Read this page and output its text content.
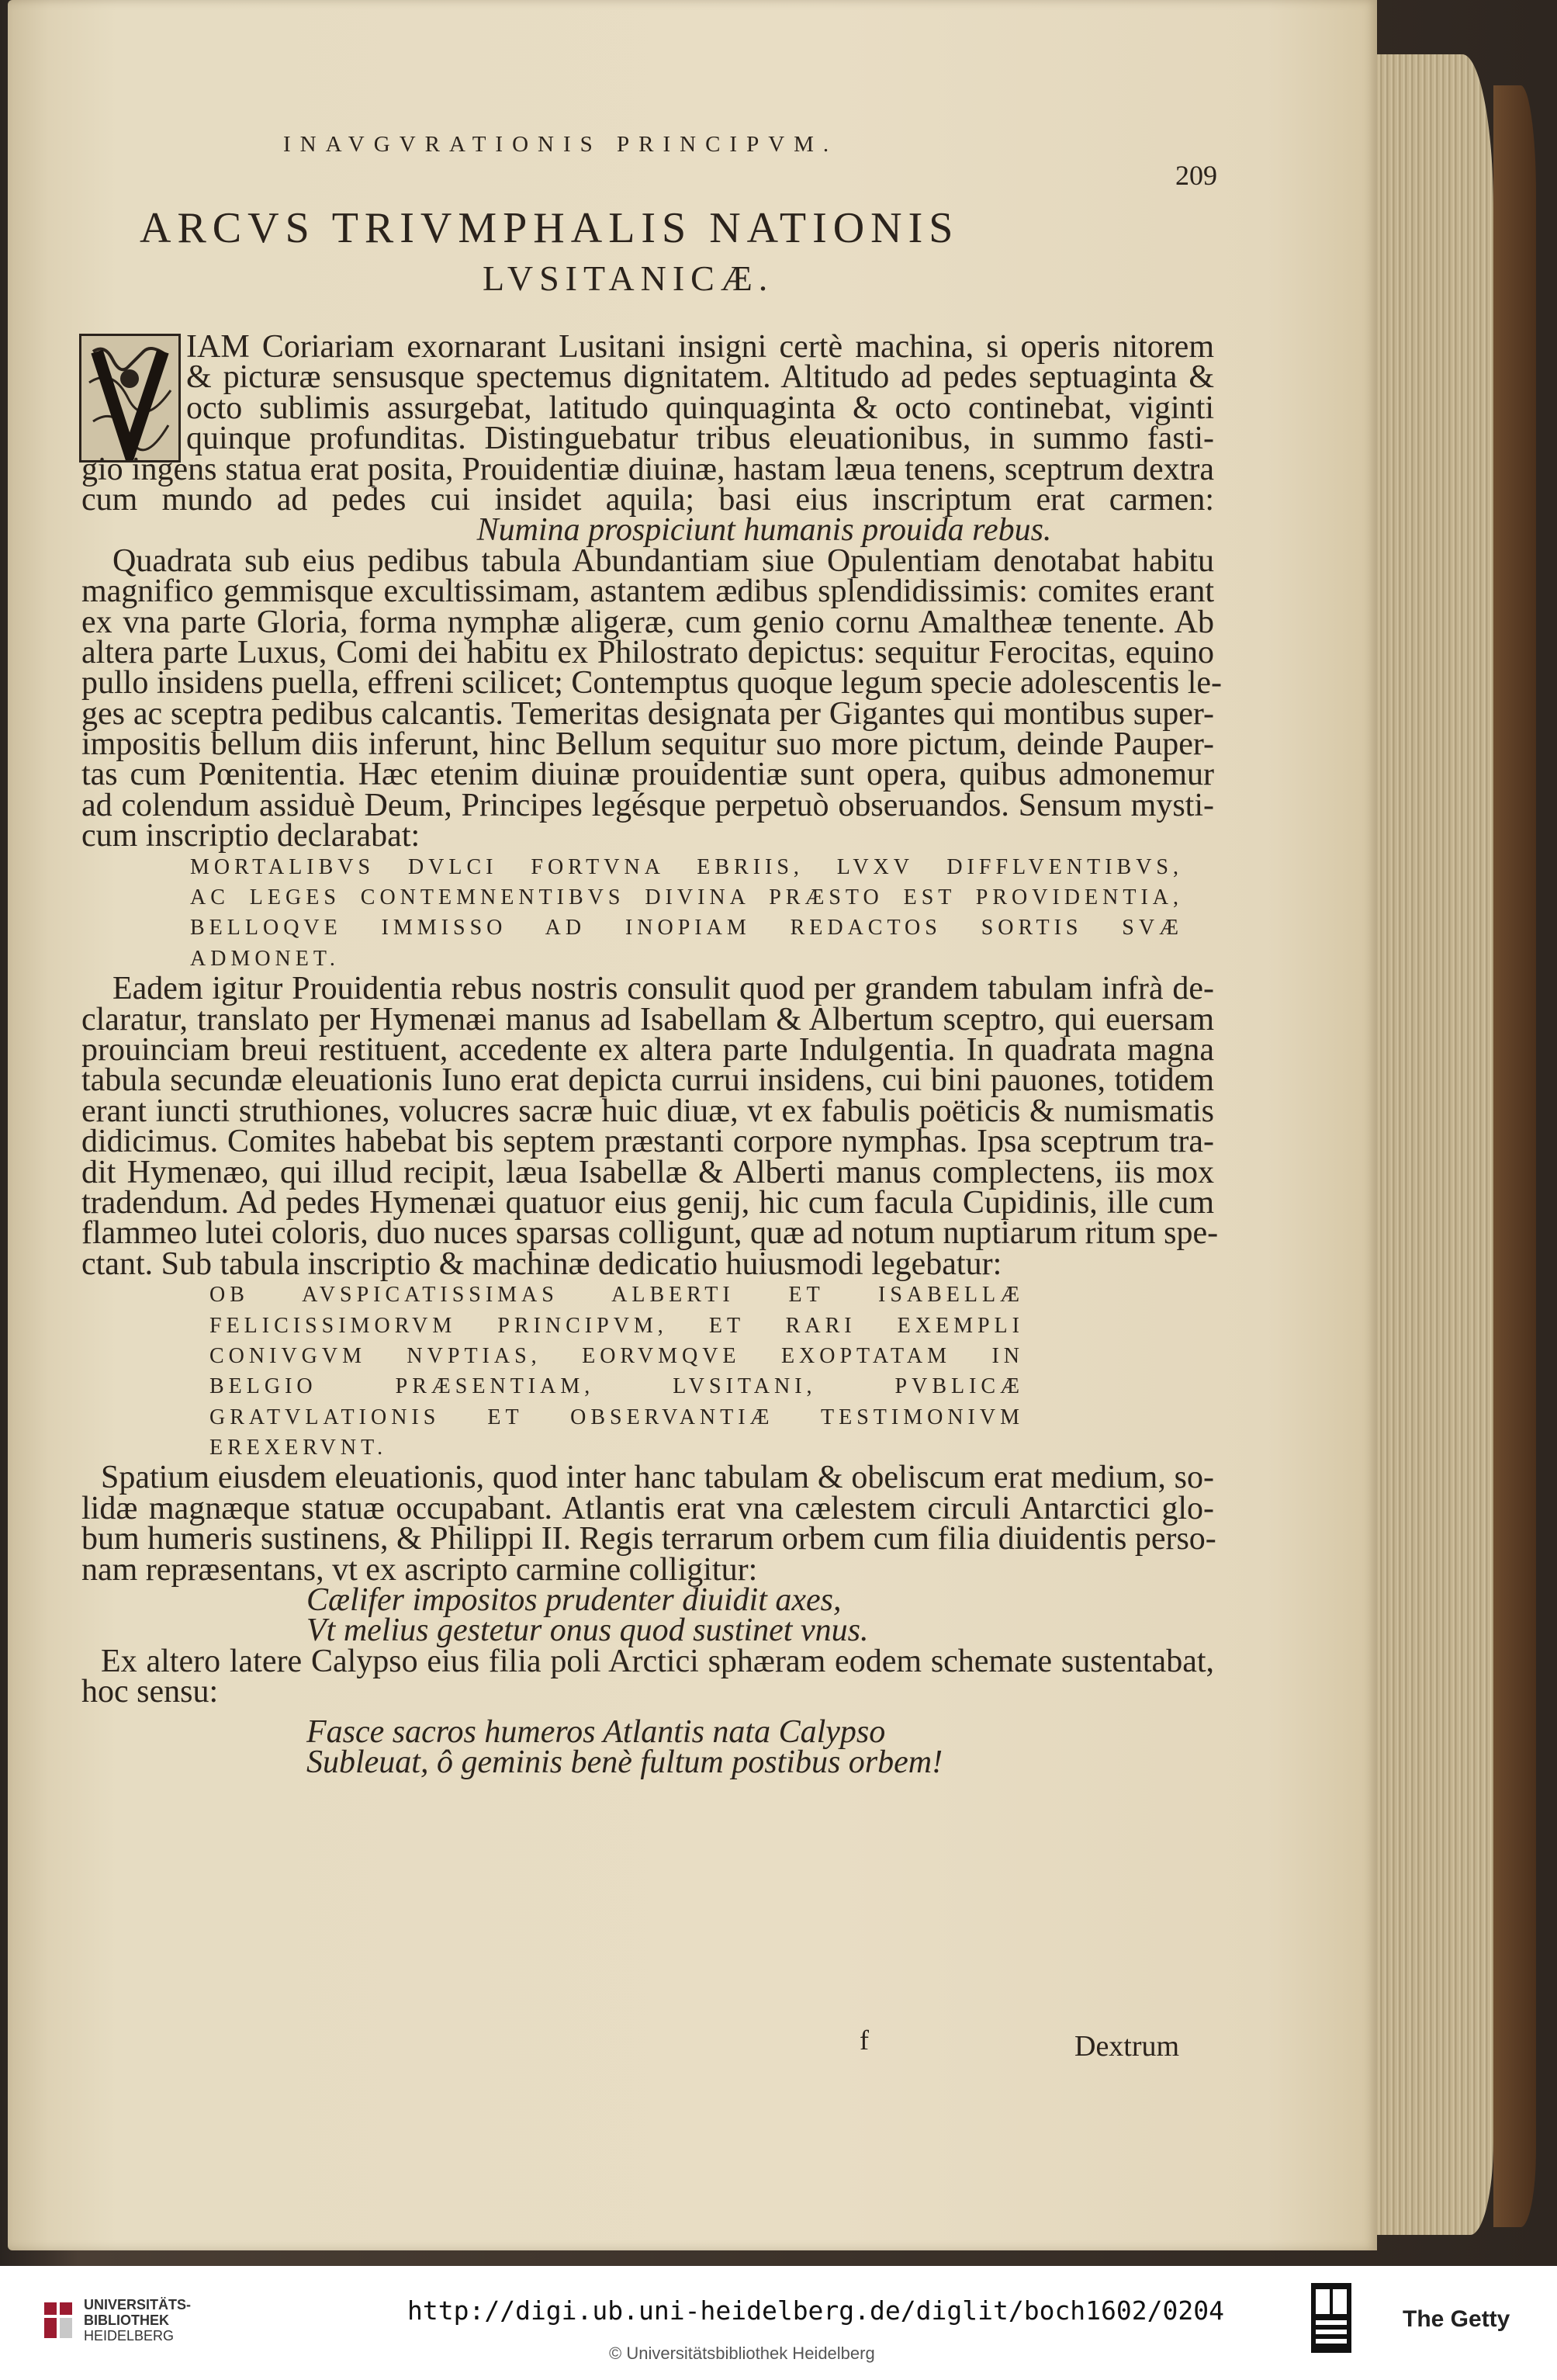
INAVGVRATIONIS PRINCIPVM.
209
ARCVS TRIVMPHALIS NATIONIS
LVSITANICÆ.
IAM Coriariam exornarant Lusitani insigni certè machina, si operis nitorem
& picturæ sensusque spectemus dignitatem. Altitudo ad pedes septuaginta &
octo sublimis assurgebat, latitudo quinquaginta & octo continebat, viginti
quinque profunditas. Distinguebatur tribus eleuationibus, in summo fasti-
gio ingens statua erat posita, Prouidentiæ diuinæ, hastam læua tenens, sceptrum dextra
cum mundo ad pedes cui insidet aquila; basi eius inscriptum erat carmen:
Numina prospiciunt humanis prouida rebus.
Quadrata sub eius pedibus tabula Abundantiam siue Opulentiam denotabat habitu
magnifico gemmisque excultissimam, astantem ædibus splendidissimis: comites erant
ex vna parte Gloria, forma nymphæ aligeræ, cum genio cornu Amaltheæ tenente. Ab
altera parte Luxus, Comi dei habitu ex Philostrato depictus: sequitur Ferocitas, equino
pullo insidens puella, effreni scilicet; Contemptus quoque legum specie adolescentis le-
ges ac sceptra pedibus calcantis. Temeritas designata per Gigantes qui montibus super-
impositis bellum diis inferunt, hinc Bellum sequitur suo more pictum, deinde Pauper-
tas cum Pœnitentia. Hæc etenim diuinæ prouidentiæ sunt opera, quibus admonemur
ad colendum assiduè Deum, Principes legésque perpetuò obseruandos. Sensum mysti-
cum inscriptio declarabat:
MORTALIBVS DVLCI FORTVNA EBRIIS, LVXV DIFFLVENTIBVS,
AC LEGES CONTEMNENTIBVS DIVINA PRÆSTO EST PROVIDENTIA,
BELLOQVE IMMISSO AD INOPIAM REDACTOS SORTIS SVÆ
ADMONET.
Eadem igitur Prouidentia rebus nostris consulit quod per grandem tabulam infrà de-
claratur, translato per Hymenæi manus ad Isabellam & Albertum sceptro, qui euersam
prouinciam breui restituent, accedente ex altera parte Indulgentia. In quadrata magna
tabula secundæ eleuationis Iuno erat depicta currui insidens, cui bini pauones, totidem
erant iuncti struthiones, volucres sacræ huic diuæ, vt ex fabulis poëticis & numismatis
didicimus. Comites habebat bis septem præstanti corpore nymphas. Ipsa sceptrum tra-
dit Hymenæo, qui illud recipit, læua Isabellæ & Alberti manus complectens, iis mox
tradendum. Ad pedes Hymenæi quatuor eius genij, hic cum facula Cupidinis, ille cum
flammeo lutei coloris, duo nuces sparsas colligunt, quæ ad notum nuptiarum ritum spe-
ctant. Sub tabula inscriptio & machinæ dedicatio huiusmodi legebatur:
OB AVSPICATISSIMAS ALBERTI ET ISABELLÆ
FELICISSIMORVM PRINCIPVM, ET RARI EXEMPLI
CONIVGVM NVPTIAS, EORVMQVE EXOPTATAM IN
BELGIO PRÆSENTIAM, LVSITANI, PVBLICÆ
GRATVLATIONIS ET OBSERVANTIÆ TESTIMONIVM
EREXERVNT.
Spatium eiusdem eleuationis, quod inter hanc tabulam & obeliscum erat medium, so-
lidæ magnæque statuæ occupabant. Atlantis erat vna cælestem circuli Antarctici glo-
bum humeris sustinens, & Philippi II. Regis terrarum orbem cum filia diuidentis perso-
nam repræsentans, vt ex ascripto carmine colligitur:
Cælifer impositos prudenter diuidit axes,
Vt melius gestetur onus quod sustinet vnus.
Ex altero latere Calypso eius filia poli Arctici sphæram eodem schemate sustentabat,
hoc sensu:
Fasce sacros humeros Atlantis nata Calypso
Subleuat, ô geminis benè fultum postibus orbem!
f	Dextrum
UNIVERSITÄTS-
BIBLIOTHEK
HEIDELBERG
http://digi.ub.uni-heidelberg.de/diglit/boch1602/0204
© Universitätsbibliothek Heidelberg
The Getty
